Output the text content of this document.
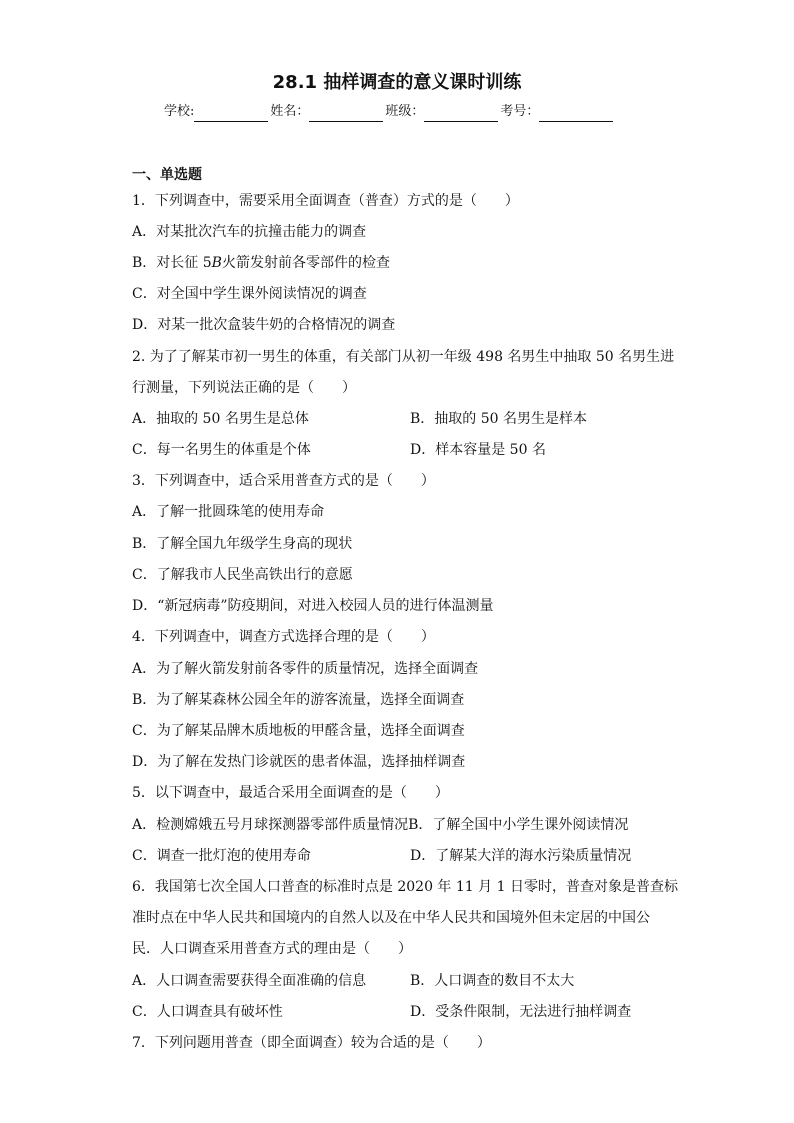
28.1 抽样调查的意义课时训练
学校:	姓名：	班级：	考号：
一、单选题
1．下列调查中，需要采用全面调查（普查）方式的是（　　）
A．对某批次汽车的抗撞击能力的调查
B．对长征 5B火箭发射前各零部件的检查
C．对全国中学生课外阅读情况的调查
D．对某一批次盒装牛奶的合格情况的调查
2. 为了了解某市初一男生的体重，有关部门从初一年级 498 名男生中抽取 50 名男生进
行测量，下列说法正确的是（　　）
A．抽取的 50 名男生是总体	B．抽取的 50 名男生是样本
C．每一名男生的体重是个体	D．样本容量是 50 名
3．下列调查中，适合采用普查方式的是（　　）
A．了解一批圆珠笔的使用寿命
B．了解全国九年级学生身高的现状
C．了解我市人民坐高铁出行的意愿
D．“新冠病毒”防疫期间，对进入校园人员的进行体温测量
4．下列调查中，调查方式选择合理的是（　　）
A．为了解火箭发射前各零件的质量情况，选择全面调查
B．为了解某森林公园全年的游客流量，选择全面调查
C．为了解某品牌木质地板的甲醛含量，选择全面调查
D．为了解在发热门诊就医的患者体温，选择抽样调查
5．以下调查中，最适合采用全面调查的是（　　）
A．检测嫦娥五号月球探测器零部件质量情况B．了解全国中小学生课外阅读情况
C．调查一批灯泡的使用寿命	D．了解某大洋的海水污染质量情况
6．我国第七次全国人口普查的标准时点是 2020 年 11 月 1 日零时，普查对象是普查标
准时点在中华人民共和国境内的自然人以及在中华人民共和国境外但未定居的中国公
民．人口调查采用普查方式的理由是（　　）
A．人口调查需要获得全面准确的信息	B．人口调查的数目不太大
C．人口调查具有破坏性	D．受条件限制，无法进行抽样调查
7．下列问题用普查（即全面调查）较为合适的是（　　）
